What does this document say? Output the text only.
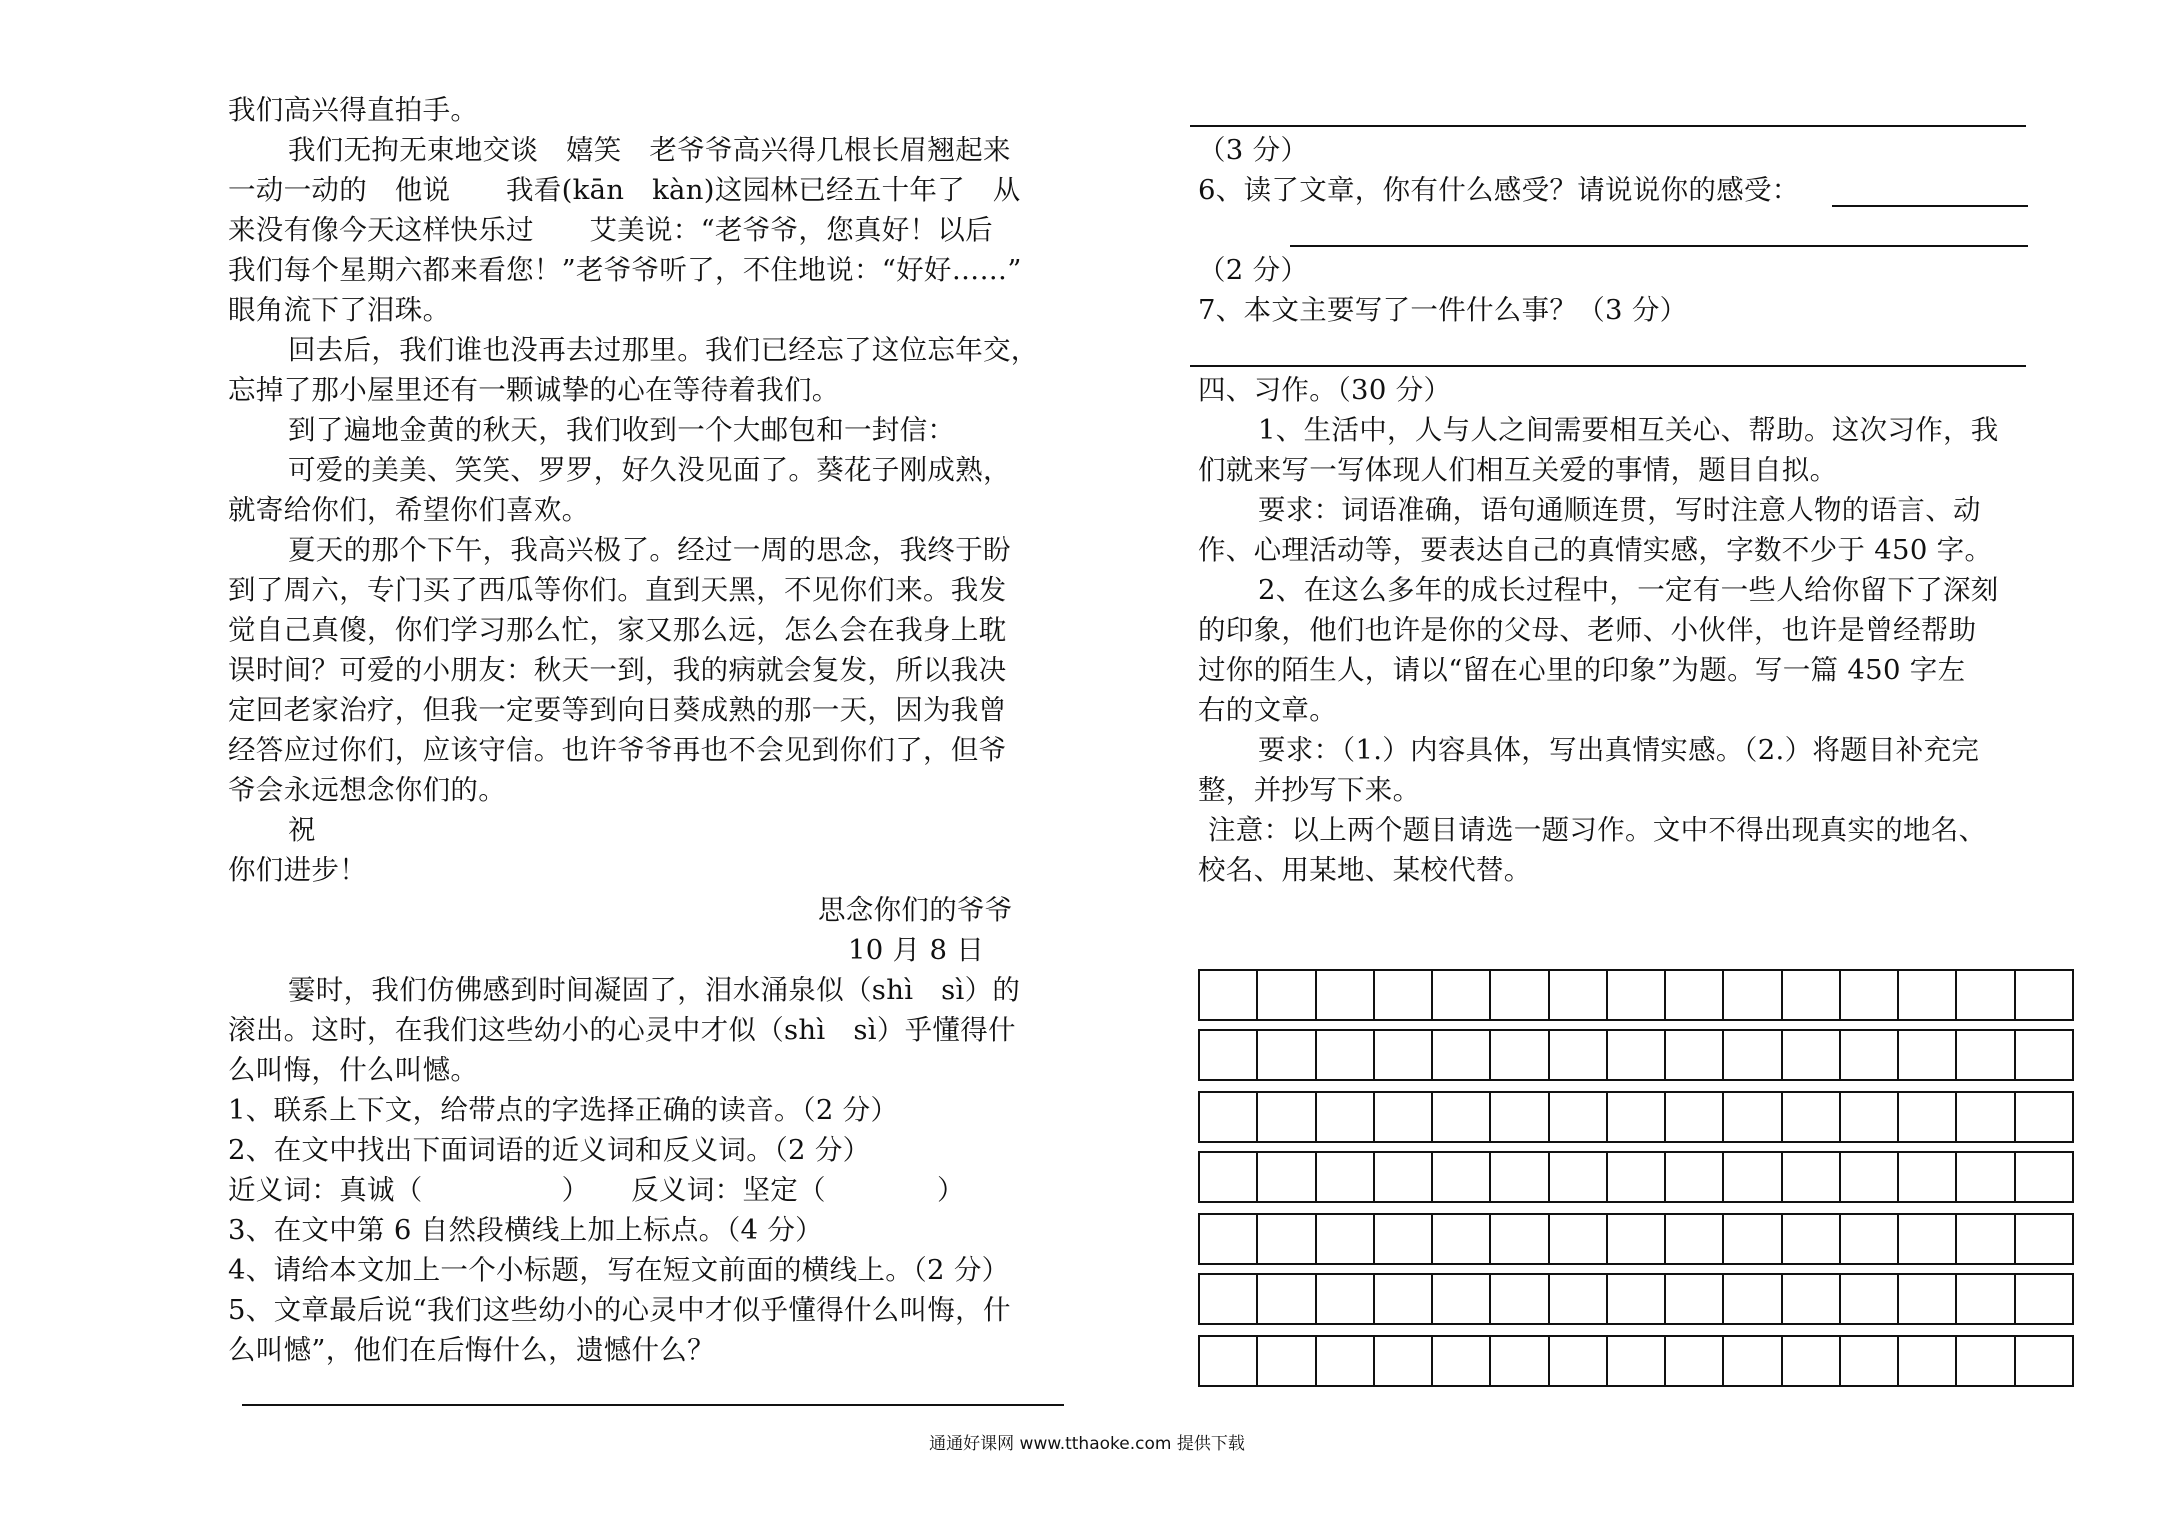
我们高兴得直拍手。
我们无拘无束地交谈　嬉笑　老爷爷高兴得几根长眉翘起来
一动一动的　他说　　我看(kān　kàn)这园林已经五十年了　从
来没有像今天这样快乐过　　艾美说：“老爷爷，您真好！以后
我们每个星期六都来看您！”老爷爷听了，不住地说：“好好……”
眼角流下了泪珠。
回去后，我们谁也没再去过那里。我们已经忘了这位忘年交，
忘掉了那小屋里还有一颗诚挚的心在等待着我们。
到了遍地金黄的秋天，我们收到一个大邮包和一封信：
可爱的美美、笑笑、罗罗，好久没见面了。葵花子刚成熟，
就寄给你们，希望你们喜欢。
夏天的那个下午，我高兴极了。经过一周的思念，我终于盼
到了周六，专门买了西瓜等你们。直到天黑，不见你们来。我发
觉自己真傻，你们学习那么忙，家又那么远，怎么会在我身上耽
误时间？可爱的小朋友：秋天一到，我的病就会复发，所以我决
定回老家治疗，但我一定要等到向日葵成熟的那一天，因为我曾
经答应过你们，应该守信。也许爷爷再也不会见到你们了，但爷
爷会永远想念你们的。
祝
你们进步！
思念你们的爷爷
10 月 8 日
霎时，我们仿佛感到时间凝固了，泪水涌泉似（shì　sì）的
滚出。这时，在我们这些幼小的心灵中才似（shì　sì）乎懂得什
么叫悔，什么叫憾。
1、联系上下文，给带点的字选择正确的读音。（2 分）
2、在文中找出下面词语的近义词和反义词。（2 分）
近义词：真诚（　　　　　）　　反义词：坚定（　　　　）
3、在文中第 6 自然段横线上加上标点。（4 分）
4、请给本文加上一个小标题，写在短文前面的横线上。（2 分）
5、文章最后说“我们这些幼小的心灵中才似乎懂得什么叫悔，什
么叫憾”，他们在后悔什么，遗憾什么？
（3 分）
6、读了文章，你有什么感受？请说说你的感受：
（2 分）
7、本文主要写了一件什么事？（3 分）
四、习作。（30 分）
1、生活中，人与人之间需要相互关心、帮助。这次习作，我
们就来写一写体现人们相互关爱的事情，题目自拟。
要求：词语准确，语句通顺连贯，写时注意人物的语言、动
作、心理活动等，要表达自己的真情实感，字数不少于 450 字。
2、在这么多年的成长过程中，一定有一些人给你留下了深刻
的印象，他们也许是你的父母、老师、小伙伴，也许是曾经帮助
过你的陌生人，请以“留在心里的印象”为题。写一篇 450 字左
右的文章。
要求：（1.）内容具体，写出真情实感。（2.）将题目补充完
整，并抄写下来。
注意：以上两个题目请选一题习作。文中不得出现真实的地名、
校名、用某地、某校代替。
通通好课网 www.tthaoke.com 提供下载
